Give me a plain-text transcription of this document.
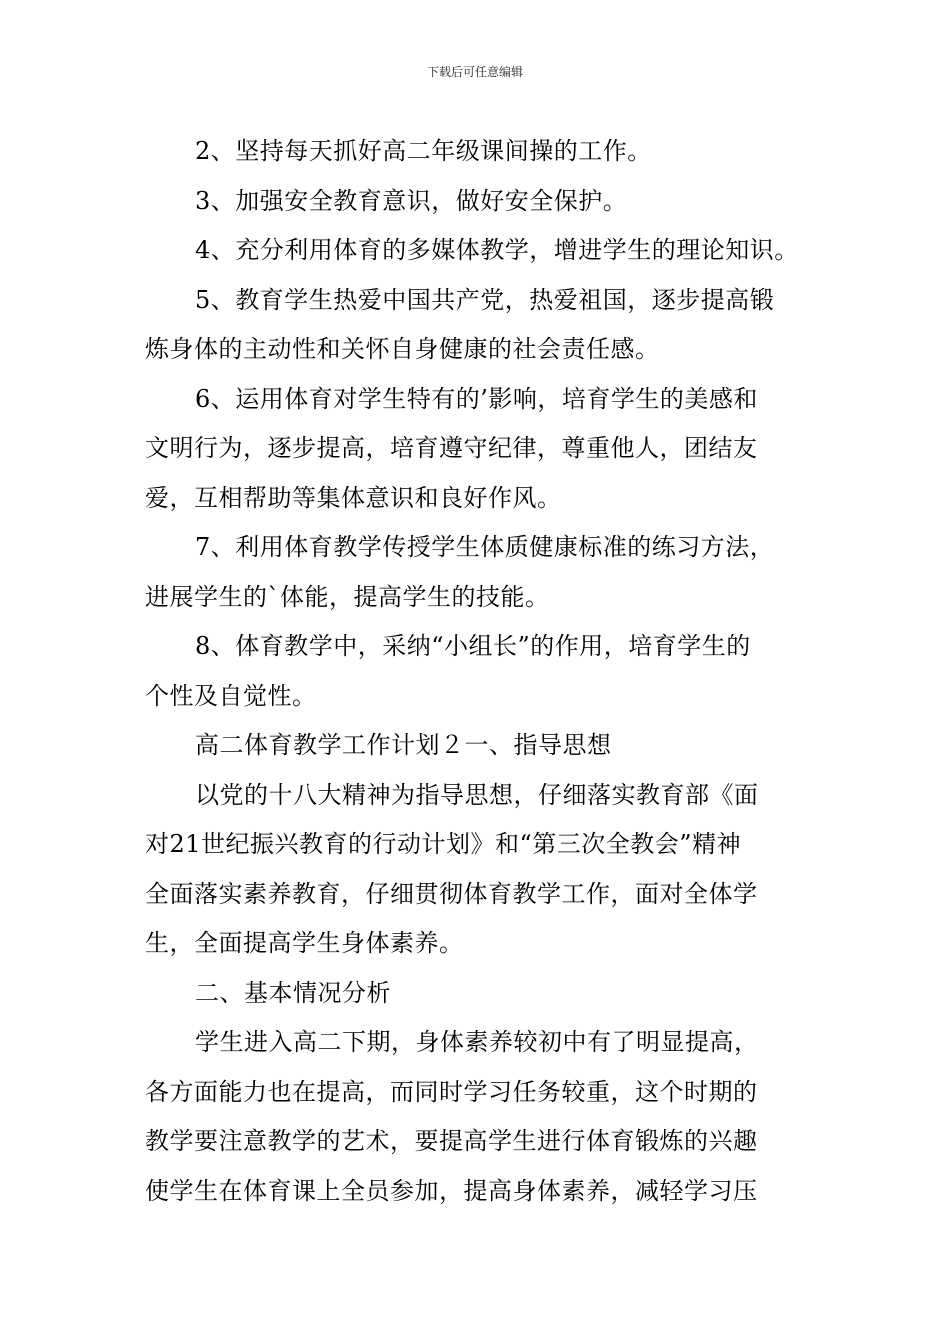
下载后可任意编辑
2、坚持每天抓好高二年级课间操的工作。
3、加强安全教育意识，做好安全保护。
4、充分利用体育的多媒体教学，增进学生的理论知识。
5、教育学生热爱中国共产党，热爱祖国，逐步提高锻
炼身体的主动性和关怀自身健康的社会责任感。
6、运用体育对学生特有的’影响，培育学生的美感和
文明行为，逐步提高，培育遵守纪律，尊重他人，团结友
爱，互相帮助等集体意识和良好作风。
7、利用体育教学传授学生体质健康标准的练习方法，
进展学生的`体能，提高学生的技能。
8、体育教学中，采纳“小组长”的作用，培育学生的
个性及自觉性。
高二体育教学工作计划２一、指导思想
以党的十八大精神为指导思想，仔细落实教育部《面
对21世纪振兴教育的行动计划》和“第三次全教会”精神
全面落实素养教育，仔细贯彻体育教学工作，面对全体学
生，全面提高学生身体素养。
二、基本情况分析
学生进入高二下期，身体素养较初中有了明显提高，
各方面能力也在提高，而同时学习任务较重，这个时期的
教学要注意教学的艺术，要提高学生进行体育锻炼的兴趣
使学生在体育课上全员参加，提高身体素养，减轻学习压
